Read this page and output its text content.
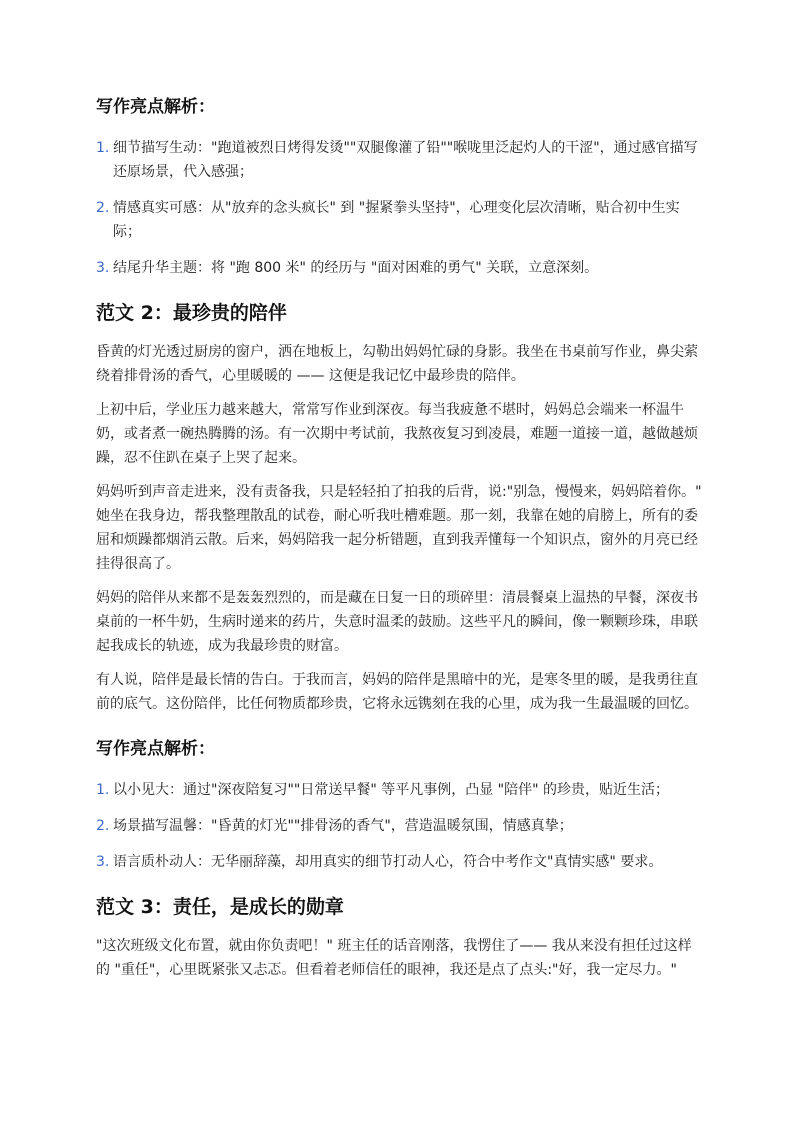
写作亮点解析：
1. 细节描写生动："跑道被烈日烤得发烫""双腿像灌了铅""喉咙里泛起灼人的干涩"，通过感官描写还原场景，代入感强；
2. 情感真实可感：从"放弃的念头疯长" 到 "握紧拳头坚持"，心理变化层次清晰，贴合初中生实际；
3. 结尾升华主题：将 "跑 800 米" 的经历与 "面对困难的勇气" 关联，立意深刻。
范文 2：最珍贵的陪伴

昏黄的灯光透过厨房的窗户，洒在地板上，勾勒出妈妈忙碌的身影。我坐在书桌前写作业，鼻尖萦绕着排骨汤的香气，心里暖暖的 —— 这便是我记忆中最珍贵的陪伴。

上初中后，学业压力越来越大，常常写作业到深夜。每当我疲惫不堪时，妈妈总会端来一杯温牛奶，或者煮一碗热腾腾的汤。有一次期中考试前，我熬夜复习到凌晨，难题一道接一道，越做越烦躁，忍不住趴在桌子上哭了起来。

妈妈听到声音走进来，没有责备我，只是轻轻拍了拍我的后背，说:"别急，慢慢来，妈妈陪着你。" 她坐在我身边，帮我整理散乱的试卷，耐心听我吐槽难题。那一刻，我靠在她的肩膀上，所有的委屈和烦躁都烟消云散。后来，妈妈陪我一起分析错题，直到我弄懂每一个知识点，窗外的月亮已经挂得很高了。

妈妈的陪伴从来都不是轰轰烈烈的，而是藏在日复一日的琐碎里：清晨餐桌上温热的早餐，深夜书桌前的一杯牛奶，生病时递来的药片，失意时温柔的鼓励。这些平凡的瞬间，像一颗颗珍珠，串联起我成长的轨迹，成为我最珍贵的财富。

有人说，陪伴是最长情的告白。于我而言，妈妈的陪伴是黑暗中的光，是寒冬里的暖，是我勇往直前的底气。这份陪伴，比任何物质都珍贵，它将永远镌刻在我的心里，成为我一生最温暖的回忆。

写作亮点解析：
1. 以小见大：通过"深夜陪复习""日常送早餐" 等平凡事例，凸显 "陪伴" 的珍贵，贴近生活；
2. 场景描写温馨："昏黄的灯光""排骨汤的香气"，营造温暖氛围，情感真挚；
3. 语言质朴动人：无华丽辞藻，却用真实的细节打动人心，符合中考作文"真情实感" 要求。
范文 3：责任，是成长的勋章

"这次班级文化布置，就由你负责吧！" 班主任的话音刚落，我愣住了—— 我从来没有担任过这样的 "重任"，心里既紧张又忐忑。但看着老师信任的眼神，我还是点了点头:"好，我一定尽力。"
